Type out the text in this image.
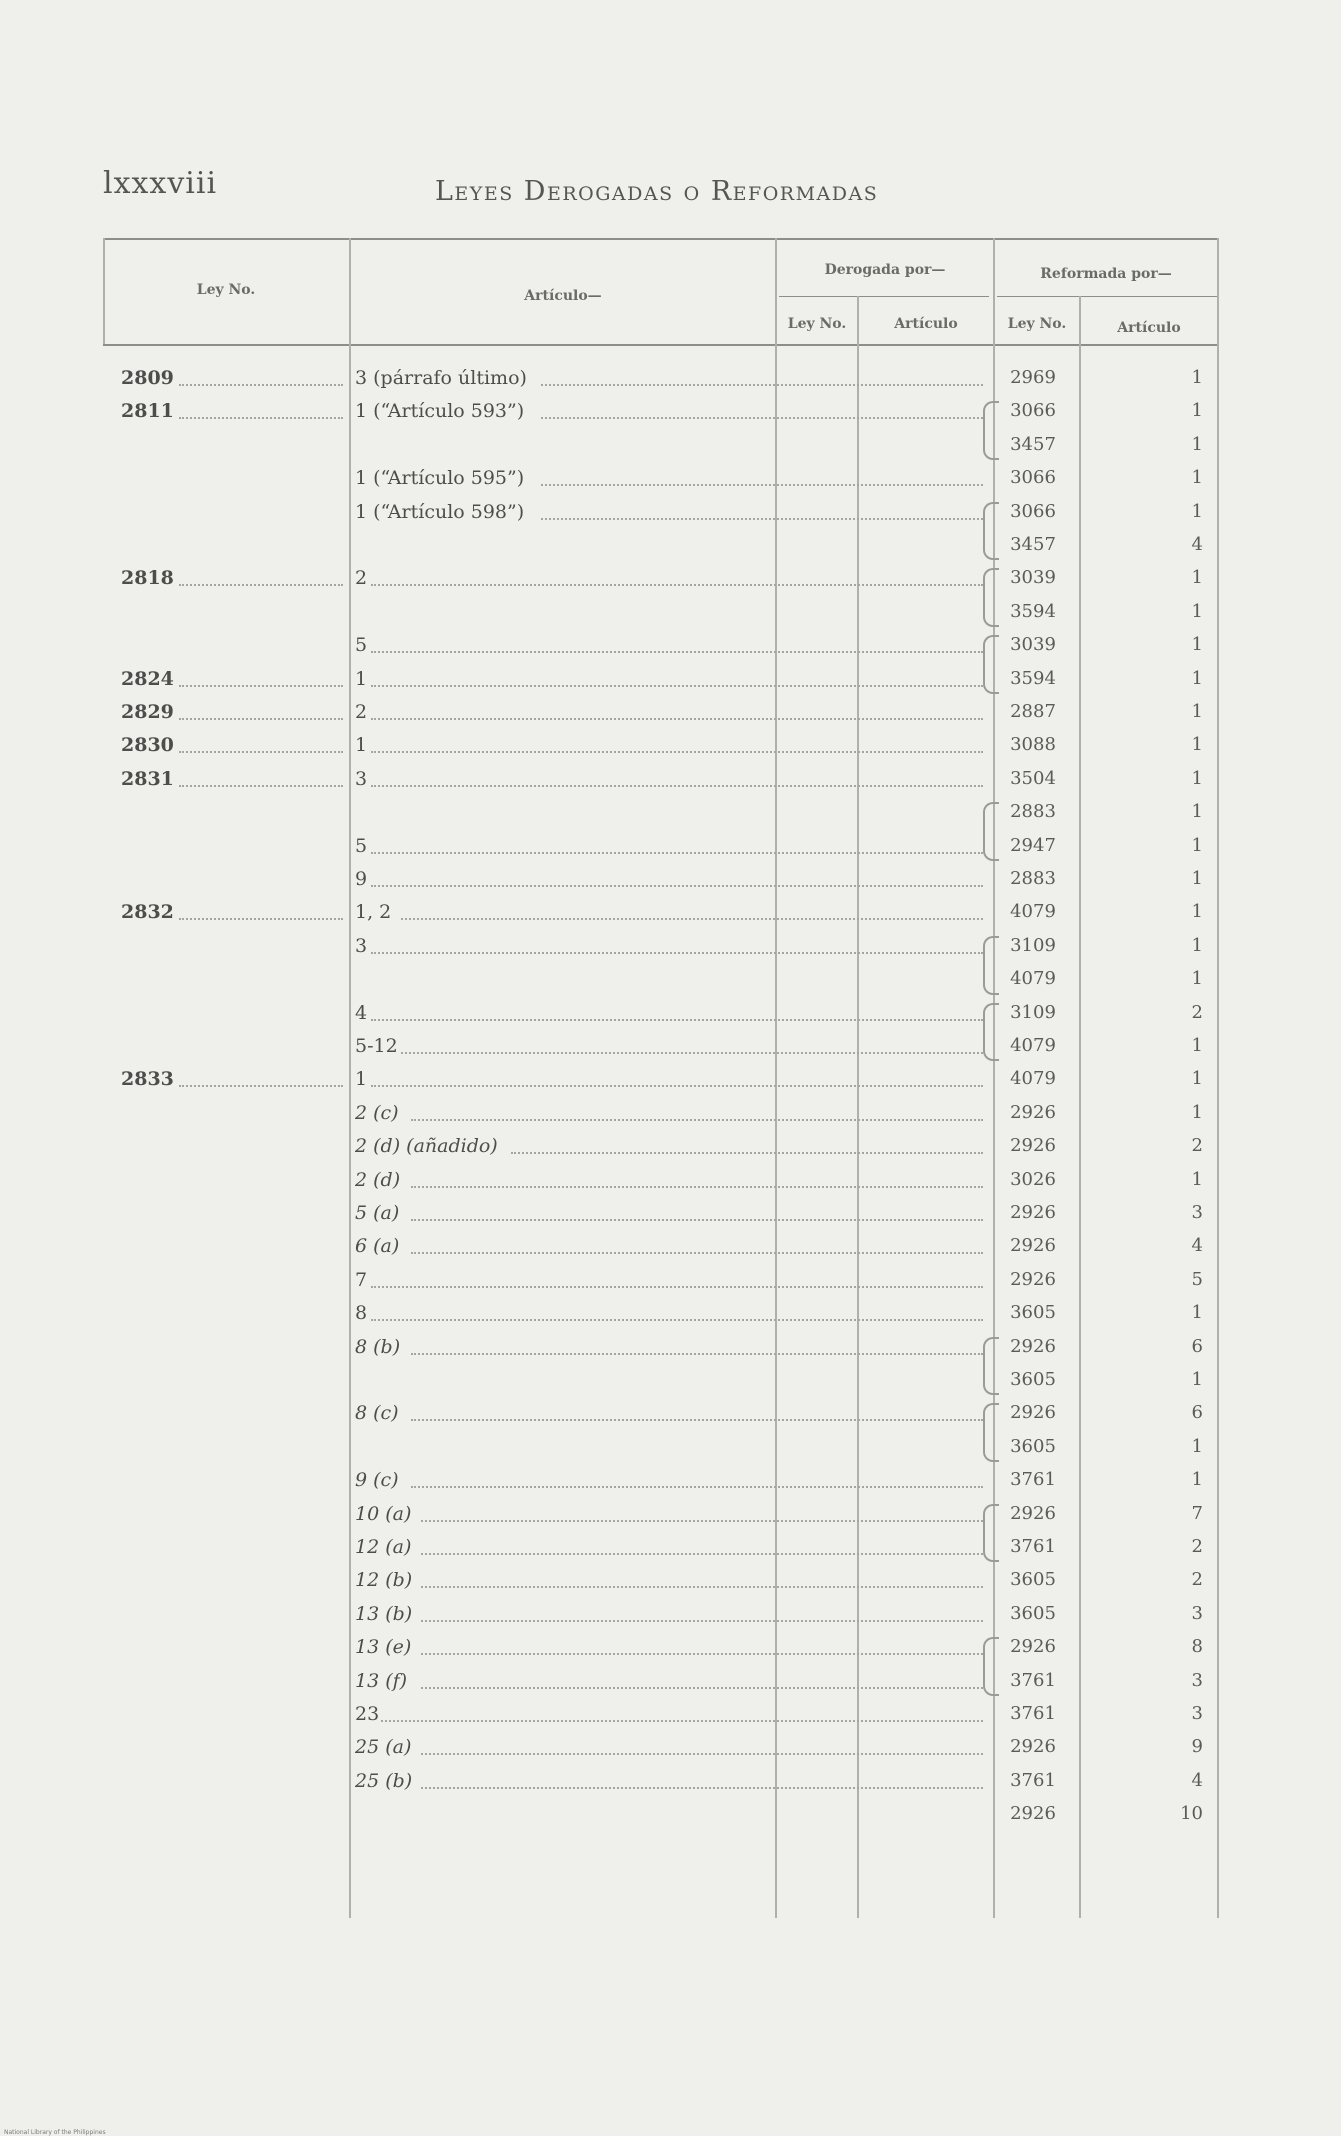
lxxxviii	Leyes Derogadas o Reformadas
Ley No.	Artículo—
Derogada por—	Reformada por—
Ley No.	Artículo	Ley No.	Artículo
2809	3 (párrafo último)	2969	1
2811	1 (“Artículo 593”)	3066	1
3457	1
1 (“Artículo 595”)	3066	1
1 (“Artículo 598”)	3066	1
3457	4
2818	2	3039	1
3594	1
5	3039	1
2824	1	3594	1
2829	2	2887	1
2830	1	3088	1
2831	3	3504	1
2883	1
5	2947	1
9	2883	1
2832	1, 2	4079	1
3	3109	1
4079	1
4	3109	2
5-12	4079	1
2833	1	4079	1
2 (c)	2926	1
2 (d) (añadido)	2926	2
2 (d)	3026	1
5 (a)	2926	3
6 (a)	2926	4
7	2926	5
8	3605	1
8 (b)	2926	6
3605	1
8 (c)	2926	6
3605	1
9 (c)	3761	1
10 (a)	2926	7
12 (a)	3761	2
12 (b)	3605	2
13 (b)	3605	3
13 (e)	2926	8
13 (f)	3761	3
23	3761	3
25 (a)	2926	9
25 (b)	3761	4
2926	10
National Library of the Philippines
